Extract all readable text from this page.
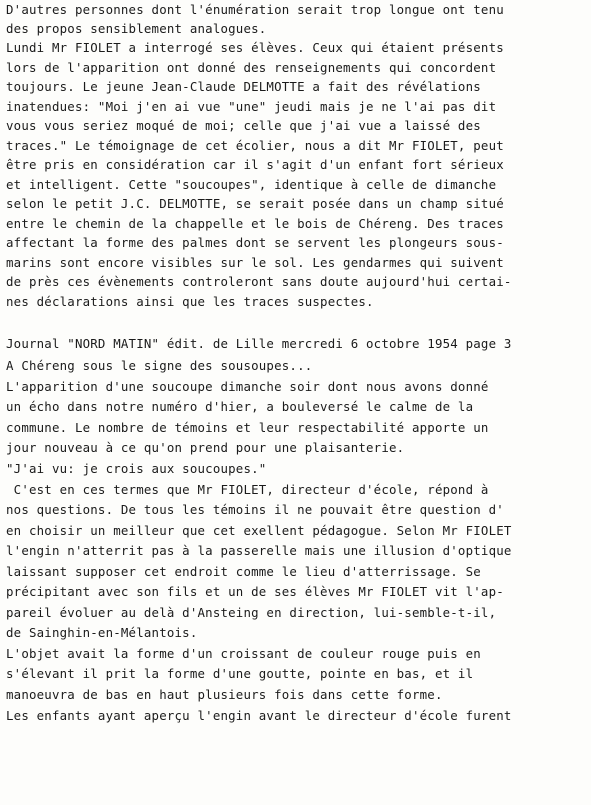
D'autres personnes dont l'énumération serait trop longue ont tenu
des propos sensiblement analogues.
Lundi Mr FIOLET a interrogé ses élèves. Ceux qui étaient présents
lors de l'apparition ont donné des renseignements qui concordent
toujours. Le jeune Jean-Claude DELMOTTE a fait des révélations
inatendues: "Moi j'en ai vue "une" jeudi mais je ne l'ai pas dit
vous vous seriez moqué de moi; celle que j'ai vue a laissé des
traces." Le témoignage de cet écolier, nous a dit Mr FIOLET, peut
être pris en considération car il s'agit d'un enfant fort sérieux
et intelligent. Cette "soucoupes", identique à celle de dimanche
selon le petit J.C. DELMOTTE, se serait posée dans un champ situé
entre le chemin de la chappelle et le bois de Chéreng. Des traces
affectant la forme des palmes dont se servent les plongeurs sous-
marins sont encore visibles sur le sol. Les gendarmes qui suivent
de près ces évènements controleront sans doute aujourd'hui certai-
nes déclarations ainsi que les traces suspectes.
Journal "NORD MATIN" édit. de Lille mercredi 6 octobre 1954 page 3
A Chéreng sous le signe des sousoupes...
L'apparition d'une soucoupe dimanche soir dont nous avons donné
un écho dans notre numéro d'hier, a bouleversé le calme de la
commune. Le nombre de témoins et leur respectabilité apporte un
jour nouveau à ce qu'on prend pour une plaisanterie.
"J'ai vu: je crois aux soucoupes."
C'est en ces termes que Mr FIOLET, directeur d'école, répond à
nos questions. De tous les témoins il ne pouvait être question d'
en choisir un meilleur que cet exellent pédagogue. Selon Mr FIOLET
l'engin n'atterrit pas à la passerelle mais une illusion d'optique
laissant supposer cet endroit comme le lieu d'atterrissage. Se
précipitant avec son fils et un de ses élèves Mr FIOLET vit l'ap-
pareil évoluer au delà d'Ansteing en direction, lui-semble-t-il,
de Sainghin-en-Mélantois.
L'objet avait la forme d'un croissant de couleur rouge puis en
s'élevant il prit la forme d'une goutte, pointe en bas, et il
manoeuvra de bas en haut plusieurs fois dans cette forme.
Les enfants ayant aperçu l'engin avant le directeur d'école furent
